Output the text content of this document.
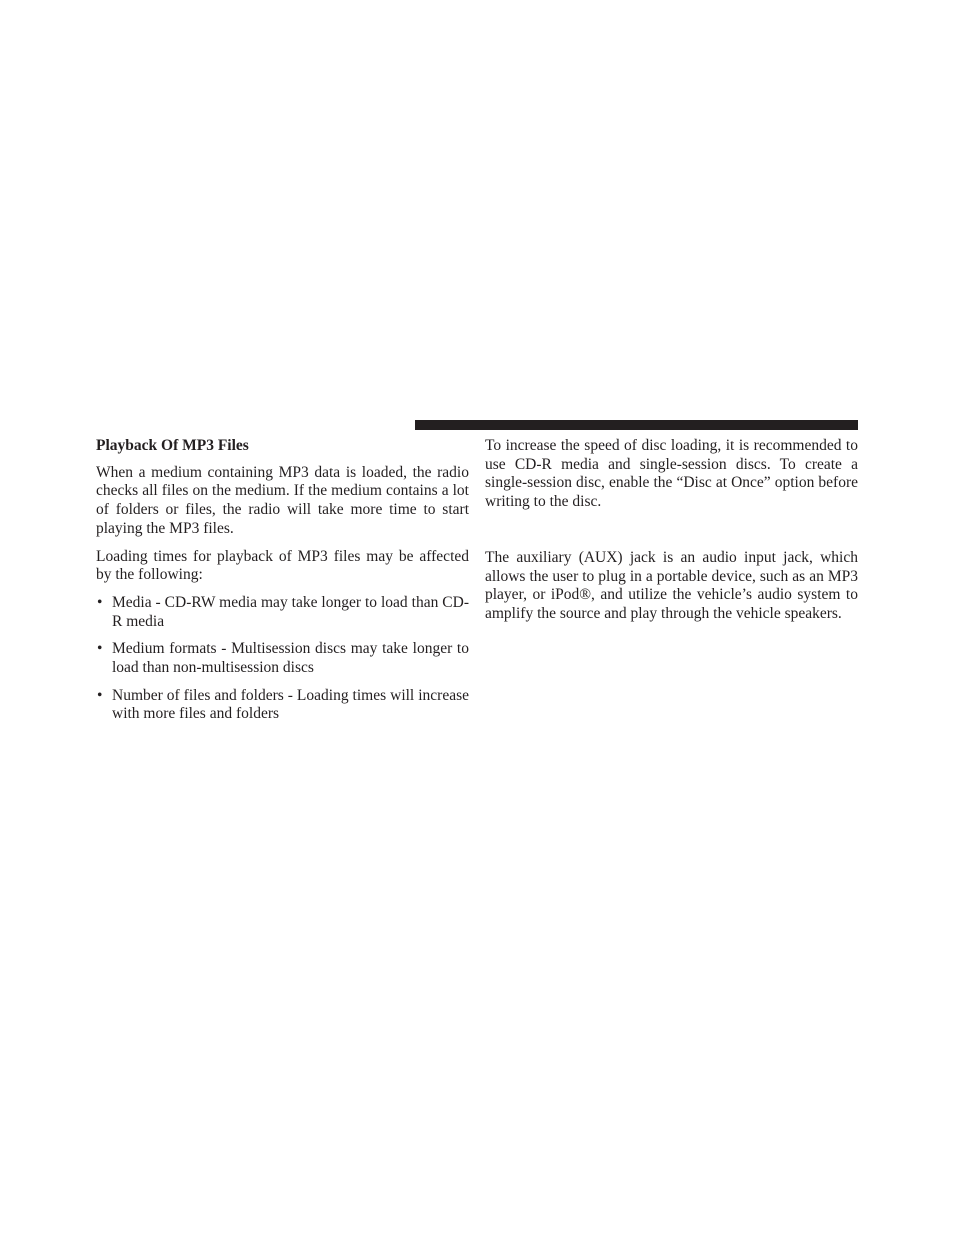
Playback Of MP3 Files

When a medium containing MP3 data is loaded, the radio checks all files on the medium. If the medium contains a lot of folders or files, the radio will take more time to start playing the MP3 files.

Loading times for playback of MP3 files may be affected by the following:

• Media - CD-RW media may take longer to load than CD-R media
• Medium formats - Multisession discs may take longer to load than non-multisession discs
• Number of files and folders - Loading times will increase with more files and folders

To increase the speed of disc loading, it is recommended to use CD-R media and single-session discs. To create a single-session disc, enable the “Disc at Once” option before writing to the disc.

The auxiliary (AUX) jack is an audio input jack, which allows the user to plug in a portable device, such as an MP3 player, or iPod®, and utilize the vehicle’s audio system to amplify the source and play through the vehicle speakers.
